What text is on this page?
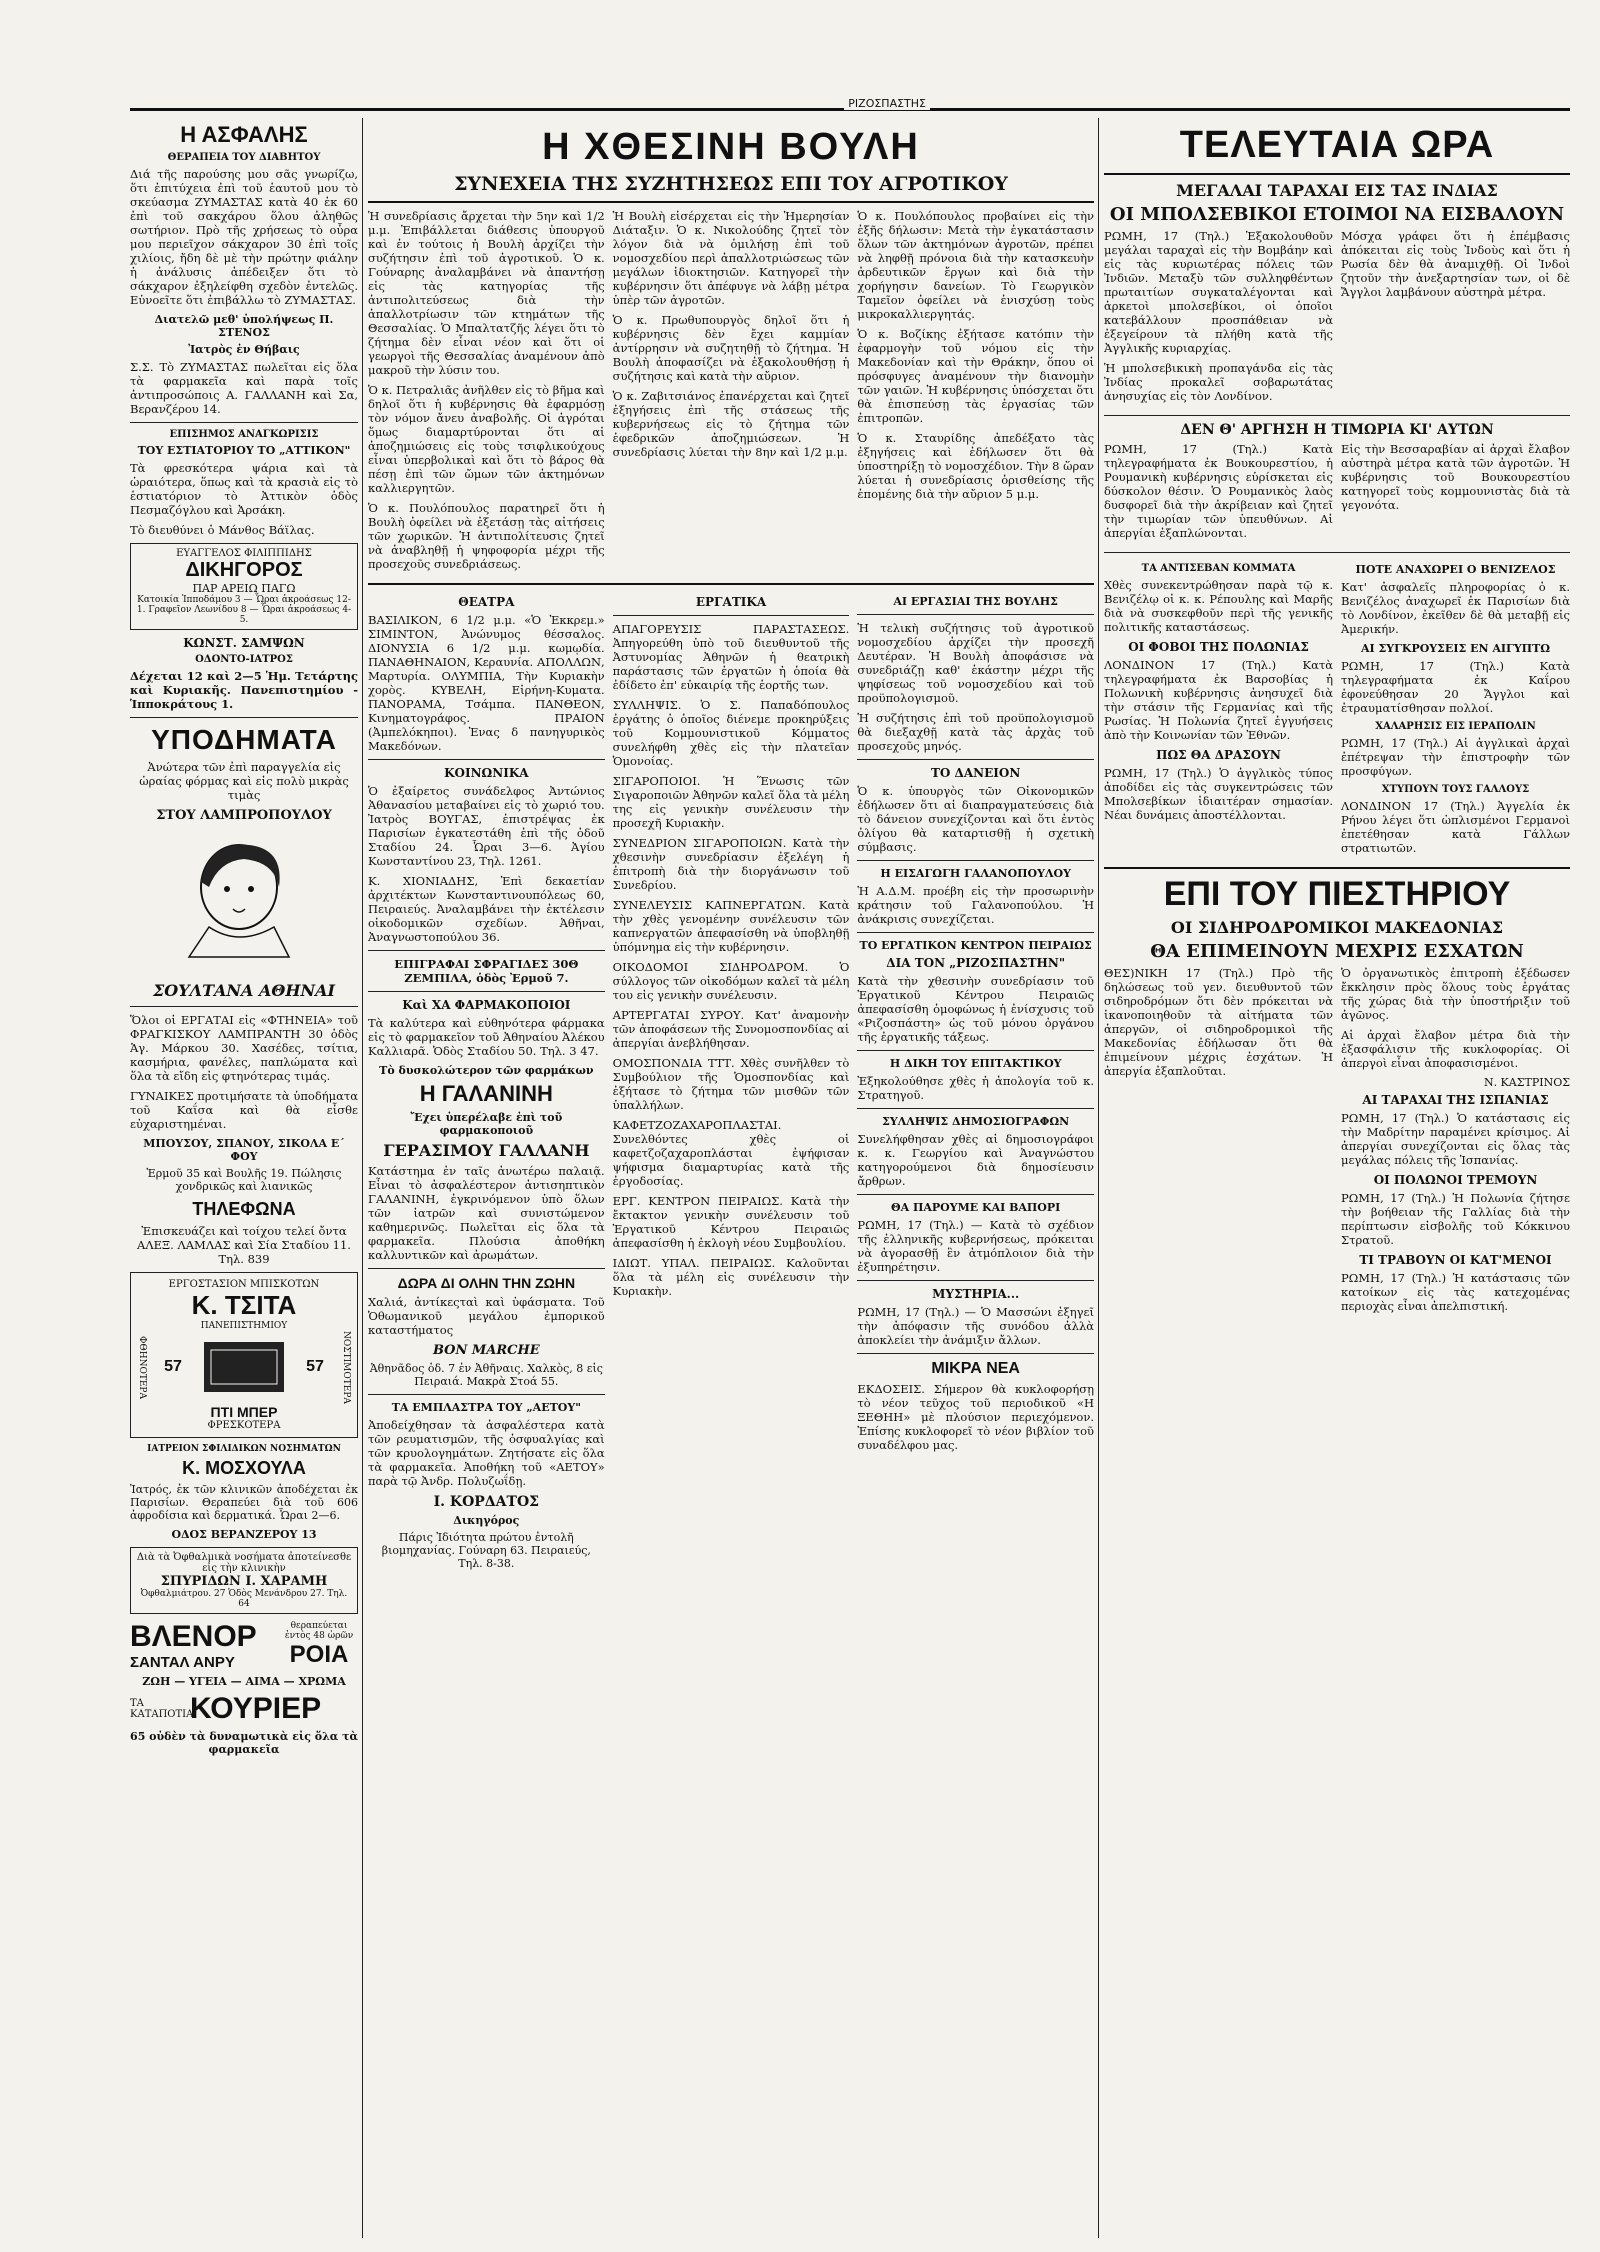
ΡΙΖΟΣΠΑΣΤΗΣ
Η ΑΣΦΑΛΗΣ
ΘΕΡΑΠΕΙΑ ΤΟΥ ΔΙΑΒΗΤΟΥ

Διά τῆς παρούσης μου σᾶς γνωρίζω, ὅτι ἐπιτύχεια ἐπὶ τοῦ ἑαυτοῦ μου τὸ σκεύασμα ΖΥΜΑΣΤΑΣ κατὰ 40 ἐκ 60 ἐπὶ τοῦ σακχάρου ὅλου ἀληθῶς σωτήριον. Πρὸ τῆς χρήσεως τὸ οὖρα μου περιεῖχον σάκχαρον 30 ἐπὶ τοῖς χιλίοις, ἤδη δὲ μὲ τὴν πρώτην φιάλην ἡ ἀνάλυσις ἀπέδειξεν ὅτι τὸ σάκχαρον ἐξηλείφθη σχεδὸν ἐντελῶς. Εὐνοεῖτε ὅτι ἐπιβάλλω τὸ ΖΥΜΑΣΤΑΣ.

Διατελῶ μεθ' ὑπολήψεως Π. ΣΤΕΝΟΣ
Ἰατρὸς ἐν Θήβαις

Σ.Σ. Τὸ ΖΥΜΑΣΤΑΣ πωλεῖται εἰς ὅλα τὰ φαρμακεῖα καὶ παρὰ τοῖς ἀντιπροσώποις Α. ΓΑΛΛΑΝΗ καὶ Σα, Βερανζέρου 14.

ΕΠΙΣΗΜΟΣ ΑΝΑΓΚΩΡΙΣΙΣ
ΤΟΥ ΕΣΤΙΑΤΟΡΙΟΥ ΤΟ „ΑΤΤΙΚΟΝ"

Τὰ φρεσκότερα ψάρια καὶ τὰ ὡραιότερα, ὅπως καὶ τὰ κρασιὰ εἰς τὸ ἑστιατόριον τὸ Ἀττικὸν ὁδὸς Πεσμαζόγλου καὶ Ἀρσάκη.

Τὸ διευθύνει ὁ Μάνθος Βάϊλας.

ΕΥΑΓΓΕΛΟΣ ΦΙΛΙΠΠΙΔΗΣ
ΔΙΚΗΓΟΡΟΣ
ΠΑΡ ΑΡΕΙΩ ΠΑΓΩ
Κατοικία Ἱπποδάμου 3 — Ὧραι ἀκροάσεως 12-1. Γραφεῖον Λεωνίδου 8 — Ὧραι ἀκροάσεως 4-5.
ΚΩΝΣΤ. ΣΑΜΨΩΝ
ΟΔΟΝΤΟ-ΙΑΤΡΟΣ

Δέχεται 12 καὶ 2—5 Ἡμ. Τετάρτης καὶ Κυριακῆς. Πανεπιστημίου - Ἱπποκράτους 1.

ΥΠΟΔΗΜΑΤΑ

Ἀνώτερα τῶν ἐπὶ παραγγελία εἰς ὡραίας φόρμας καὶ εἰς πολὺ μικρὰς τιμὰς

ΣΤΟΥ ΛΑΜΠΡΟΠΟΥΛΟΥ
ΣΟΥΛΤΑΝΑ ΑΘΗΝΑΙ

Ὅλοι οἱ ΕΡΓΑΤΑΙ εἰς «ΦΤΗΝΕΙΑ» τοῦ ΦΡΑΓΚΙΣΚΟΥ ΛΑΜΠΡΑΝΤΗ 30 ὁδὸς Ἁγ. Μάρκου 30. Χασέδες, τσίτια, κασμήρια, φανέλες, παπλώματα καὶ ὅλα τὰ εἴδη εἰς φτηνότερας τιμάς.

ΓΥΝΑΙΚΕΣ προτιμήσατε τὰ ὑποδήματα τοῦ Καΐσα καὶ θὰ εἶσθε εὐχαριστημέναι.

ΜΠΟΥΣΟΥ, ΣΠΑΝΟΥ, ΣΙΚΟΛΑ Ε΄ ΦΟΥ

Ἑρμοῦ 35 καὶ Βουλῆς 19. Πώλησις χονδρικῶς καὶ λιανικῶς

ΤΗΛΕΦΩΝΑ

Ἐπισκευάζει καὶ τοίχου τελεί ὄντα ΑΛΕΞ. ΛΑΜΛΑΣ καὶ Σία Σταδίου 11. Τηλ. 839

ΕΡΓΟΣΤΑΣΙΟΝ ΜΠΙΣΚΟΤΩΝ
Κ. ΤΣΙΤΑ
ΠΑΝΕΠΙΣΤΗΜΙΟΥ
ΦΘΗΝΟΤΕΡΑ 57	57 ΝΟΣΤΙΜΟΤΕΡΑ
ΠΤΙ ΜΠΕΡ
ΦΡΕΣΚΟΤΕΡΑ
ΙΑΤΡΕΙΟΝ ΣΦΙΛΙΔΙΚΩΝ ΝΟΣΗΜΑΤΩΝ
Κ. ΜΟΣΧΟΥΛΑ

Ἰατρός, ἐκ τῶν κλινικῶν ἀποδέχεται ἐκ Παρισίων. Θεραπεύει διὰ τοῦ 606 ἀφροδίσια καὶ δερματικά. Ὧραι 2—6.

ΟΔΟΣ ΒΕΡΑΝΖΕΡΟΥ 13
Διὰ τὰ Ὀφθαλμικὰ νοσήματα ἀποτείνεσθε εἰς τὴν κλινικὴν
ΣΠΥΡΙΔΩΝ Ι. ΧΑΡΑΜΗ
Ὀφθαλμιάτρου. 27 Ὁδὸς Μενάνδρου 27. Τηλ. 64
ΒΛΕΝΟΡ
ΣΑΝΤΑΛ ΑΝΡΥ
θεραπεύεται ἐντὸς 48 ὡρῶν
ΡΟΙΑ
ΖΩΗ — ΥΓΕΙΑ — ΑΙΜΑ — ΧΡΩΜΑ
ΤΑ ΚΑΤΑΠΟΤΙΑ
ΚΟΥΡΙΕΡ
65 οὐδὲν τὰ δυναμωτικὰ εἰς ὅλα τὰ φαρμακεῖα
Η ΧΘΕΣΙΝΗ ΒΟΥΛΗ
ΣΥΝΕΧΕΙΑ ΤΗΣ ΣΥΖΗΤΗΣΕΩΣ ΕΠΙ ΤΟΥ ΑΓΡΟΤΙΚΟΥ

Ἡ συνεδρίασις ἄρχεται τὴν 5ην καὶ 1/2 μ.μ. Ἐπιβάλλεται διάθεσις ὑπουργοῦ καὶ ἐν τούτοις ἡ Βουλὴ ἀρχίζει τὴν συζήτησιν ἐπὶ τοῦ ἀγροτικοῦ. Ὁ κ. Γούναρης ἀναλαμβάνει νὰ ἀπαντήσῃ εἰς τὰς κατηγορίας τῆς ἀντιπολιτεύσεως διὰ τὴν ἀπαλλοτρίωσιν τῶν κτημάτων τῆς Θεσσαλίας. Ὁ Μπαλτατζῆς λέγει ὅτι τὸ ζήτημα δὲν εἶναι νέον καὶ ὅτι οἱ γεωργοὶ τῆς Θεσσαλίας ἀναμένουν ἀπὸ μακροῦ τὴν λύσιν του.

Ὁ κ. Πετραλιᾶς ἀνῆλθεν εἰς τὸ βῆμα καὶ δηλοῖ ὅτι ἡ κυβέρνησις θὰ ἐφαρμόσῃ τὸν νόμον ἄνευ ἀναβολῆς. Οἱ ἀγρόται ὅμως διαμαρτύρονται ὅτι αἱ ἀποζημιώσεις εἰς τοὺς τσιφλικούχους εἶναι ὑπερβολικαὶ καὶ ὅτι τὸ βάρος θὰ πέσῃ ἐπὶ τῶν ὤμων τῶν ἀκτημόνων καλλιεργητῶν.

Ὁ κ. Πουλόπουλος παρατηρεῖ ὅτι ἡ Βουλὴ ὀφείλει νὰ ἐξετάσῃ τὰς αἰτήσεις τῶν χωρικῶν. Ἡ ἀντιπολίτευσις ζητεῖ νὰ ἀναβληθῇ ἡ ψηφοφορία μέχρι τῆς προσεχοῦς συνεδριάσεως.

Ἡ Βουλὴ εἰσέρχεται εἰς τὴν Ἡμερησίαν Διάταξιν. Ὁ κ. Νικολούδης ζητεῖ τὸν λόγον διὰ νὰ ὁμιλήσῃ ἐπὶ τοῦ νομοσχεδίου περὶ ἀπαλλοτριώσεως τῶν μεγάλων ἰδιοκτησιῶν. Κατηγορεῖ τὴν κυβέρνησιν ὅτι ἀπέφυγε νὰ λάβῃ μέτρα ὑπὲρ τῶν ἀγροτῶν.

Ὁ κ. Πρωθυπουργὸς δηλοῖ ὅτι ἡ κυβέρνησις δὲν ἔχει καμμίαν ἀντίρρησιν νὰ συζητηθῇ τὸ ζήτημα. Ἡ Βουλὴ ἀποφασίζει νὰ ἐξακολουθήσῃ ἡ συζήτησις καὶ κατὰ τὴν αὔριον.

Ὁ κ. Ζαβιτσιάνος ἐπανέρχεται καὶ ζητεῖ ἐξηγήσεις ἐπὶ τῆς στάσεως τῆς κυβερνήσεως εἰς τὸ ζήτημα τῶν ἐφεδρικῶν ἀποζημιώσεων. Ἡ συνεδρίασις λύεται τὴν 8ην καὶ 1/2 μ.μ.

Ὁ κ. Πουλόπουλος προβαίνει εἰς τὴν ἑξῆς δήλωσιν: Μετὰ τὴν ἐγκατάστασιν ὅλων τῶν ἀκτημόνων ἀγροτῶν, πρέπει νὰ ληφθῇ πρόνοια διὰ τὴν κατασκευὴν ἀρδευτικῶν ἔργων καὶ διὰ τὴν χορήγησιν δανείων. Τὸ Γεωργικὸν Ταμεῖον ὀφείλει νὰ ἐνισχύσῃ τοὺς μικροκαλλιεργητάς.

Ὁ κ. Βοζίκης ἐξήτασε κατόπιν τὴν ἐφαρμογὴν τοῦ νόμου εἰς τὴν Μακεδονίαν καὶ τὴν Θράκην, ὅπου οἱ πρόσφυγες ἀναμένουν τὴν διανομὴν τῶν γαιῶν. Ἡ κυβέρνησις ὑπόσχεται ὅτι θὰ ἐπισπεύσῃ τὰς ἐργασίας τῶν ἐπιτροπῶν.

Ὁ κ. Σταυρίδης ἀπεδέξατο τὰς ἐξηγήσεις καὶ ἐδήλωσεν ὅτι θὰ ὑποστηρίξῃ τὸ νομοσχέδιον. Τὴν 8 ὥραν λύεται ἡ συνεδρίασις ὁρισθείσης τῆς ἑπομένης διὰ τὴν αὔριον 5 μ.μ.

ΘΕΑΤΡΑ

ΒΑΣΙΛΙΚΟΝ, 6 1/2 μ.μ. «Ὁ Ἐκκρεμ.» ΣΙΜΙΝΤΟΝ, Ἀνώνυμος θέσσαλος. ΔΙΟΝΥΣΙΑ 6 1/2 μ.μ. κωμῳδία. ΠΑΝΑΘΗΝΑΙΟΝ, Κεραυνία. ΑΠΟΛΛΩΝ, Μαρτυρία. ΟΛΥΜΠΙΑ, Τὴν Κυριακὴν χορὸς. ΚΥΒΕΛΗ, Εἰρήνη-Κυματα. ΠΑΝΟΡΑΜΑ, Τσάμπα. ΠΑΝΘΕΟΝ, Κινηματογράφος. ΠΡΑΙΟΝ (Ἀμπελόκηποι). Ἐνας δ πανηγυρικὸς Μακεδόνων.

ΚΟΙΝΩΝΙΚΑ

Ὁ ἐξαίρετος συνάδελφος Ἀντώνιος Ἀθανασίου μεταβαίνει εἰς τὸ χωριό του. Ἰατρὸς ΒΟΥΓΑΣ, ἐπιστρέψας ἐκ Παρισίων ἐγκατεστάθη ἐπὶ τῆς ὁδοῦ Σταδίου 24. Ὧραι 3—6. Ἀγίου Κωνσταντίνου 23, Τηλ. 1261.

Κ. ΧΙΟΝΙΑΔΗΣ, Ἑπὶ δεκαετίαν ἀρχιτέκτων Κωνσταντινουπόλεως 60, Πειραιεύς. Ἀναλαμβάνει τὴν ἐκτέλεσιν οἰκοδομικῶν σχεδίων. Ἀθῆναι, Ἀναγνωστοπούλου 36.

ΕΠΙΓΡΑΦΑΙ ΣΦΡΑΓΙΔΕΣ 30Θ ΖΕΜΠΙΛΑ, ὁδὸς Ἐρμοῦ 7.

Καὶ ΧΑ ΦΑΡΜΑΚΟΠΟΙΟΙ

Τὰ καλύτερα καὶ εὐθηνότερα φάρμακα εἰς τὸ φαρμακεῖον τοῦ Ἀθηναίου Ἀλέκου Καλλιαρᾶ. Ὁδὸς Σταδίου 50. Τηλ. 3 47.

Τὸ δυσκολώτερον τῶν φαρμάκων
Η ΓΑΛΑΝΙΝΗ
Ἔχει ὑπερέλαβε ἐπὶ τοῦ φαρμακοποιοῦ
ΓΕΡΑΣΙΜΟΥ ΓΑΛΛΑΝΗ

Κατάστημα ἐν ταῖς ἀνωτέρω παλαιᾷ. Εἶναι τὸ ἀσφαλέστερον ἀντισηπτικὸν ΓΑΛΑΝΙΝΗ, ἐγκρινόμενον ὑπὸ ὅλων τῶν ἰατρῶν καὶ συνιστώμενον καθημερινῶς. Πωλεῖται εἰς ὅλα τὰ φαρμακεῖα. Πλούσια ἀποθήκη καλλυντικῶν καὶ ἀρωμάτων.

ΔΩΡΑ ΔΙ ΟΛΗΝ ΤΗΝ ΖΩΗΝ

Χαλιά, ἀντίκεςταὶ καὶ ὑφάσματα. Τοῦ Ὁθωμανικοῦ μεγάλου ἐμπορικοῦ καταστήματος

BON MARCHE

Ἀθηνᾶδος ὁδ. 7 ἐν Ἀθῆναις. Χαλκὸς, 8 εἰς Πειραιά. Μακρὰ Στοά 55.

ΤΑ ΕΜΠΛΑΣΤΡΑ ΤΟΥ „ΑΕΤΟΥ"

Ἀποδείχθησαν τὰ ἀσφαλέστερα κατὰ τῶν ρευματισμῶν, τῆς ὀσφυαλγίας καὶ τῶν κρυολογημάτων. Ζητήσατε εἰς ὅλα τὰ φαρμακεῖα. Ἀποθήκη τοῦ «ΑΕΤΟΥ» παρὰ τῷ Ἀνδρ. Πολυζωΐδῃ.

Ι. ΚΟΡΔΑΤΟΣ
Δικηγόρος

Πάρις Ἰδιότητα πρώτου ἐντολῆ βιομηχανίας. Γούναρη 63. Πειραιεύς, Τηλ. 8-38.

ΕΡΓΑΤΙΚΑ

ΑΠΑΓΟΡΕΥΣΙΣ ΠΑΡΑΣΤΑΣΕΩΣ. Ἀπηγορεύθη ὑπὸ τοῦ διευθυντοῦ τῆς Ἀστυνομίας Ἀθηνῶν ἡ θεατρικὴ παράστασις τῶν ἐργατῶν ἡ ὁποία θὰ ἐδίδετο ἐπ' εὐκαιρίᾳ τῆς ἑορτῆς των.

ΣΥΛΛΗΨΙΣ. Ὁ Σ. Παπαδόπουλος ἐργάτης ὁ ὁποῖος διένεμε προκηρύξεις τοῦ Κομμουνιστικοῦ Κόμματος συνελήφθη χθὲς εἰς τὴν πλατεῖαν Ὁμονοίας.

ΣΙΓΑΡΟΠΟΙΟΙ. Ἡ Ἕνωσις τῶν Σιγαροποιῶν Ἀθηνῶν καλεῖ ὅλα τὰ μέλη της εἰς γενικὴν συνέλευσιν τὴν προσεχῆ Κυριακὴν.

ΣΥΝΕΔΡΙΟΝ ΣΙΓΑΡΟΠΟΙΩΝ. Κατὰ τὴν χθεσινὴν συνεδρίασιν ἐξελέγη ἡ ἐπιτροπὴ διὰ τὴν διοργάνωσιν τοῦ Συνεδρίου.

ΣΥΝΕΛΕΥΣΙΣ ΚΑΠΝΕΡΓΑΤΩΝ. Κατὰ τὴν χθὲς γενομένην συνέλευσιν τῶν καπνεργατῶν ἀπεφασίσθη νὰ ὑποβληθῇ ὑπόμνημα εἰς τὴν κυβέρνησιν.

ΟΙΚΟΔΟΜΟΙ ΣΙΔΗΡΟΔΡΟΜ. Ὁ σύλλογος τῶν οἰκοδόμων καλεῖ τὰ μέλη του εἰς γενικὴν συνέλευσιν.

ΑΡΤΕΡΓΑΤΑΙ ΣΥΡΟΥ. Κατ' ἀναμονὴν τῶν ἀποφάσεων τῆς Συνομοσπονδίας αἱ ἀπεργίαι ἀνεβλήθησαν.

ΟΜΟΣΠΟΝΔΙΑ ΤΤΤ. Χθὲς συνῆλθεν τὸ Συμβούλιον τῆς Ὁμοσπονδίας καὶ ἐξήτασε τὸ ζήτημα τῶν μισθῶν τῶν ὑπαλλήλων.

ΚΑΦΕΤΖΟΖΑΧΑΡΟΠΛΑΣΤΑΙ. Συνελθόντες χθὲς οἱ καφετζοζαχαροπλάσται ἐψήφισαν ψήφισμα διαμαρτυρίας κατὰ τῆς ἐργοδοσίας.

ΕΡΓ. ΚΕΝΤΡΟΝ ΠΕΙΡΑΙΩΣ. Κατὰ τὴν ἔκτακτον γενικὴν συνέλευσιν τοῦ Ἐργατικοῦ Κέντρου Πειραιῶς ἀπεφασίσθη ἡ ἐκλογὴ νέου Συμβουλίου.

ΙΔΙΩΤ. ΥΠΑΛ. ΠΕΙΡΑΙΩΣ. Καλοῦνται ὅλα τὰ μέλη εἰς συνέλευσιν τὴν Κυριακὴν.

ΑΙ ΕΡΓΑΣΙΑΙ ΤΗΣ ΒΟΥΛΗΣ

Ἡ τελικὴ συζήτησις τοῦ ἀγροτικοῦ νομοσχεδίου ἀρχίζει τὴν προσεχῆ Δευτέραν. Ἡ Βουλὴ ἀποφάσισε νὰ συνεδριάζῃ καθ' ἑκάστην μέχρι τῆς ψηφίσεως τοῦ νομοσχεδίου καὶ τοῦ προϋπολογισμοῦ.

Ἡ συζήτησις ἐπὶ τοῦ προϋπολογισμοῦ θὰ διεξαχθῇ κατὰ τὰς ἀρχὰς τοῦ προσεχοῦς μηνός.

ΤΟ ΔΑΝΕΙΟΝ

Ὁ κ. ὑπουργὸς τῶν Οἰκονομικῶν ἐδήλωσεν ὅτι αἱ διαπραγματεύσεις διὰ τὸ δάνειον συνεχίζονται καὶ ὅτι ἐντὸς ὀλίγου θὰ καταρτισθῇ ἡ σχετικὴ σύμβασις.

Η ΕΙΣΑΓΩΓΗ ΓΑΛΑΝΟΠΟΥΛΟΥ

Ἡ Α.Δ.Μ. προέβη εἰς τὴν προσωρινὴν κράτησιν τοῦ Γαλανοπούλου. Ἡ ἀνάκρισις συνεχίζεται.

ΤΟ ΕΡΓΑΤΙΚΟΝ ΚΕΝΤΡΟΝ ΠΕΙΡΑΙΩΣ
ΔΙΑ ΤΟΝ „ΡΙΖΟΣΠΑΣΤΗΝ"

Κατὰ τὴν χθεσινὴν συνεδρίασιν τοῦ Ἐργατικοῦ Κέντρου Πειραιῶς ἀπεφασίσθη ὁμοφώνως ἡ ἐνίσχυσις τοῦ «Ριζοσπάστη» ὡς τοῦ μόνου ὀργάνου τῆς ἐργατικῆς τάξεως.

Η ΔΙΚΗ ΤΟΥ ΕΠΙΤΑΚΤΙΚΟΥ

Ἐξηκολούθησε χθὲς ἡ ἀπολογία τοῦ κ. Στρατηγοῦ.

ΣΥΛΛΗΨΙΣ ΔΗΜΟΣΙΟΓΡΑΦΩΝ

Συνελήφθησαν χθὲς αἱ δημοσιογράφοι κ. κ. Γεωργίου καὶ Ἀναγνώστου κατηγορούμενοι διὰ δημοσίευσιν ἄρθρων.

ΘΑ ΠΑΡΟΥΜΕ ΚΑΙ ΒΑΠΟΡΙ

ΡΩΜΗ, 17 (Τηλ.) — Κατὰ τὸ σχέδιον τῆς ἐλληνικῆς κυβερνήσεως, πρόκειται νὰ ἀγορασθῇ ἓν ἀτμόπλοιον διὰ τὴν ἐξυπηρέτησιν.

ΜΥΣΤΗΡΙΑ...

ΡΩΜΗ, 17 (Τηλ.) — Ὁ Μασσώνι ἐξηγεῖ τὴν ἀπόφασιν τῆς συνόδου ἀλλὰ ἀποκλείει τὴν ἀνάμιξιν ἄλλων.

ΜΙΚΡΑ ΝΕΑ

ΕΚΔΟΣΕΙΣ. Σήμερον θὰ κυκλοφορήσῃ τὸ νέον τεῦχος τοῦ περιοδικοῦ «Η ΞΕΘΗΗ» μὲ πλούσιον περιεχόμενον. Ἐπίσης κυκλοφορεῖ τὸ νέον βιβλίον τοῦ συναδέλφου μας.

ΤΕΛΕΥΤΑΙΑ ΩΡΑ
ΜΕΓΑΛΑΙ ΤΑΡΑΧΑΙ ΕΙΣ ΤΑΣ ΙΝΔΙΑΣ
ΟΙ ΜΠΟΛΣΕΒΙΚΟΙ ΕΤΟΙΜΟΙ ΝΑ ΕΙΣΒΑΛΟΥΝ

ΡΩΜΗ, 17 (Τηλ.) Ἐξακολουθοῦν μεγάλαι ταραχαὶ εἰς τὴν Βομβάην καὶ εἰς τὰς κυριωτέρας πόλεις τῶν Ἰνδιῶν. Μεταξὺ τῶν συλληφθέντων πρωταιτίων συγκαταλέγονται καὶ ἀρκετοὶ μπολσεβίκοι, οἱ ὁποῖοι κατεβάλλουν προσπάθειαν νὰ ἐξεγείρουν τὰ πλήθη κατὰ τῆς Ἀγγλικῆς κυριαρχίας.

Ἡ μπολσεβικικὴ προπαγάνδα εἰς τὰς Ἰνδίας προκαλεῖ σοβαρωτάτας ἀνησυχίας εἰς τὸν Λονδίνον.

Μόσχα γράφει ὅτι ἡ ἐπέμβασις ἀπόκειται εἰς τοὺς Ἰνδοὺς καὶ ὅτι ἡ Ρωσία δὲν θὰ ἀναμιχθῇ. Οἱ Ἰνδοὶ ζητοῦν τὴν ἀνεξαρτησίαν των, οἱ δὲ Ἄγγλοι λαμβάνουν αὐστηρὰ μέτρα.

ΔΕΝ Θ' ΑΡΓΗΣΗ Η ΤΙΜΩΡΙΑ ΚΙ' ΑΥΤΩΝ

ΡΩΜΗ, 17 (Τηλ.) Κατὰ τηλεγραφήματα ἐκ Βουκουρεστίου, ἡ Ρουμανικὴ κυβέρνησις εὑρίσκεται εἰς δύσκολον θέσιν. Ὁ Ρουμανικὸς λαὸς δυσφορεῖ διὰ τὴν ἀκρίβειαν καὶ ζητεῖ τὴν τιμωρίαν τῶν ὑπευθύνων. Αἱ ἀπεργίαι ἐξαπλώνονται.

Εἰς τὴν Βεσσαραβίαν αἱ ἀρχαὶ ἔλαβον αὐστηρὰ μέτρα κατὰ τῶν ἀγροτῶν. Ἡ κυβέρνησις τοῦ Βουκουρεστίου κατηγορεῖ τοὺς κομμουνιστὰς διὰ τὰ γεγονότα.

ΤΑ ΑΝΤΙΣΕΒΑΝ ΚΟΜΜΑΤΑ

Χθὲς συνεκεντρώθησαν παρὰ τῷ κ. Βενιζέλῳ οἱ κ. κ. Ρέπουλης καὶ Μαρῆς διὰ νὰ συσκεφθοῦν περὶ τῆς γενικῆς πολιτικῆς καταστάσεως.

ΟΙ ΦΟΒΟΙ ΤΗΣ ΠΟΛΩΝΙΑΣ

ΛΟΝΔΙΝΟΝ 17 (Τηλ.) Κατὰ τηλεγραφήματα ἐκ Βαρσοβίας ἡ Πολωνικὴ κυβέρνησις ἀνησυχεῖ διὰ τὴν στάσιν τῆς Γερμανίας καὶ τῆς Ρωσίας. Ἡ Πολωνία ζητεῖ ἐγγυήσεις ἀπὸ τὴν Κοινωνίαν τῶν Ἐθνῶν.

ΠΩΣ ΘΑ ΔΡΑΣΟΥΝ

ΡΩΜΗ, 17 (Τηλ.) Ὁ ἀγγλικὸς τύπος ἀποδίδει εἰς τὰς συγκεντρώσεις τῶν Μπολσεβίκων ἰδιαιτέραν σημασίαν. Νέαι δυνάμεις ἀποστέλλονται.

ΠΟΤΕ ΑΝΑΧΩΡΕΙ Ο ΒΕΝΙΖΕΛΟΣ

Κατ' ἀσφαλεῖς πληροφορίας ὁ κ. Βενιζέλος ἀναχωρεῖ ἐκ Παρισίων διὰ τὸ Λονδίνον, ἐκεῖθεν δὲ θὰ μεταβῇ εἰς Ἀμερικήν.

ΑΙ ΣΥΓΚΡΟΥΣΕΙΣ ΕΝ ΑΙΓΥΠΤΩ

ΡΩΜΗ, 17 (Τηλ.) Κατὰ τηλεγραφήματα ἐκ Καΐρου ἐφονεύθησαν 20 Ἄγγλοι καὶ ἐτραυματίσθησαν πολλοί.

ΧΑΛΑΡΗΣΙΣ ΕΙΣ ΙΕΡΑΠΟΛΙΝ

ΡΩΜΗ, 17 (Τηλ.) Αἱ ἀγγλικαὶ ἀρχαὶ ἐπέτρεψαν τὴν ἐπιστροφὴν τῶν προσφύγων.

ΧΤΥΠΟΥΝ ΤΟΥΣ ΓΑΛΛΟΥΣ

ΛΟΝΔΙΝΟΝ 17 (Τηλ.) Ἀγγελία ἐκ Ρήνου λέγει ὅτι ὡπλισμένοι Γερμανοὶ ἐπετέθησαν κατὰ Γάλλων στρατιωτῶν.

ΕΠΙ ΤΟΥ ΠΙΕΣΤΗΡΙΟΥ
ΟΙ ΣΙΔΗΡΟΔΡΟΜΙΚΟΙ ΜΑΚΕΔΟΝΙΑΣ
ΘΑ ΕΠΙΜΕΙΝΟΥΝ ΜΕΧΡΙΣ ΕΣΧΑΤΩΝ

ΘΕΣ)ΝΙΚΗ 17 (Τηλ.) Πρὸ τῆς δηλώσεως τοῦ γεν. διευθυντοῦ τῶν σιδηροδρόμων ὅτι δὲν πρόκειται νὰ ἱκανοποιηθοῦν τὰ αἰτήματα τῶν ἀπεργῶν, οἱ σιδηροδρομικοὶ τῆς Μακεδονίας ἐδήλωσαν ὅτι θὰ ἐπιμείνουν μέχρις ἐσχάτων. Ἡ ἀπεργία ἐξαπλοῦται.

Ὁ ὀργανωτικὸς ἐπιτροπὴ ἐξέδωσεν ἔκκλησιν πρὸς ὅλους τοὺς ἐργάτας τῆς χώρας διὰ τὴν ὑποστήριξιν τοῦ ἀγῶνος.

Αἱ ἀρχαὶ ἔλαβον μέτρα διὰ τὴν ἐξασφάλισιν τῆς κυκλοφορίας. Οἱ ἀπεργοὶ εἶναι ἀποφασισμένοι.

Ν. ΚΑΣΤΡΙΝΟΣ
ΑΙ ΤΑΡΑΧΑΙ ΤΗΣ ΙΣΠΑΝΙΑΣ

ΡΩΜΗ, 17 (Τηλ.) Ὁ κατάστασις εἰς τὴν Μαδρίτην παραμένει κρίσιμος. Αἱ ἀπεργίαι συνεχίζονται εἰς ὅλας τὰς μεγάλας πόλεις τῆς Ἰσπανίας.

ΟΙ ΠΟΛΩΝΟΙ ΤΡΕΜΟΥΝ

ΡΩΜΗ, 17 (Τηλ.) Ἡ Πολωνία ζήτησε τὴν βοήθειαν τῆς Γαλλίας διὰ τὴν περίπτωσιν εἰσβολῆς τοῦ Κόκκινου Στρατοῦ.

ΤΙ ΤΡΑΒΟΥΝ ΟΙ ΚΑΤ'ΜΕΝΟΙ

ΡΩΜΗ, 17 (Τηλ.) Ἡ κατάστασις τῶν κατοίκων εἰς τὰς κατεχομένας περιοχὰς εἶναι ἀπελπιστική.
